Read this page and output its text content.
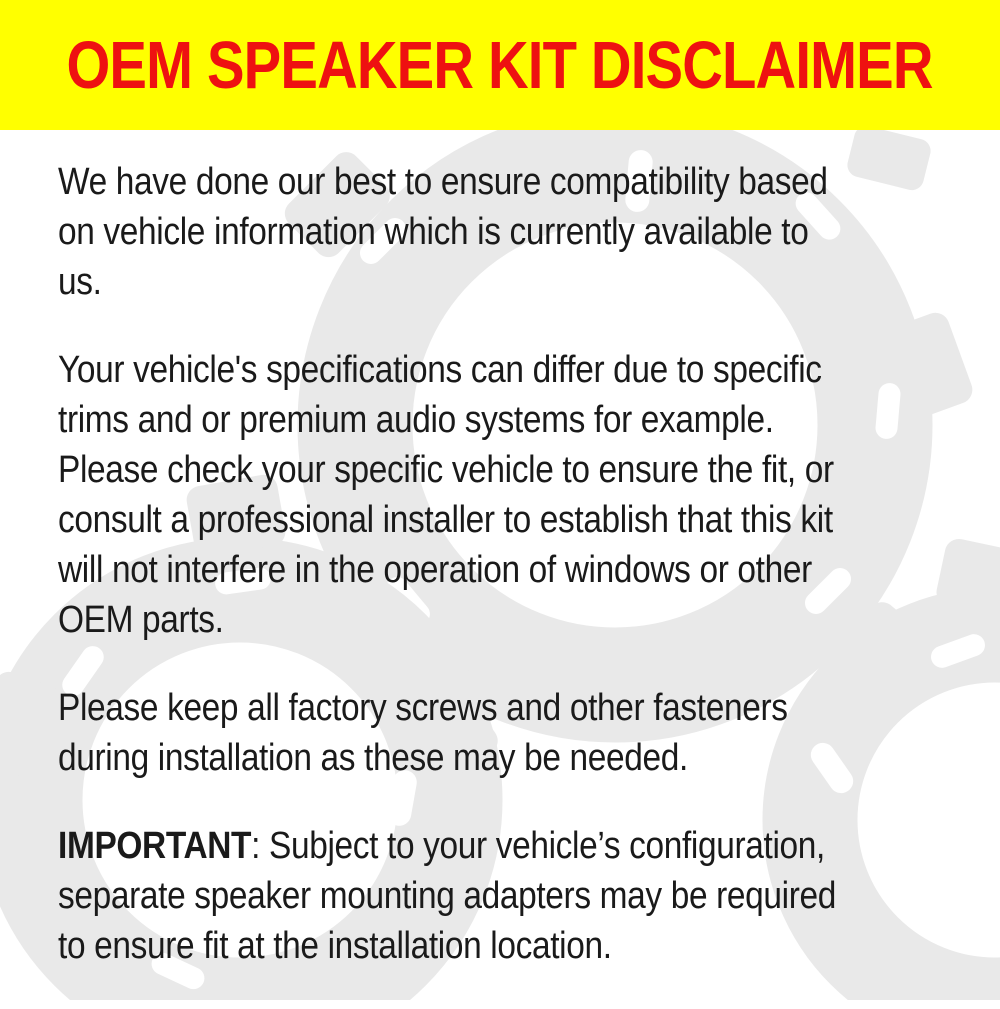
OEM SPEAKER KIT DISCLAIMER

We have done our best to ensure compatibility based
on vehicle information which is currently available to
us.

Your vehicle's specifications can differ due to specific
trims and or premium audio systems for example.
Please check your specific vehicle to ensure the fit, or
consult a professional installer to establish that this kit
will not interfere in the operation of windows or other
OEM parts.

Please keep all factory screws and other fasteners
during installation as these may be needed.

IMPORTANT: Subject to your vehicle’s configuration,
separate speaker mounting adapters may be required
to ensure fit at the installation location.
